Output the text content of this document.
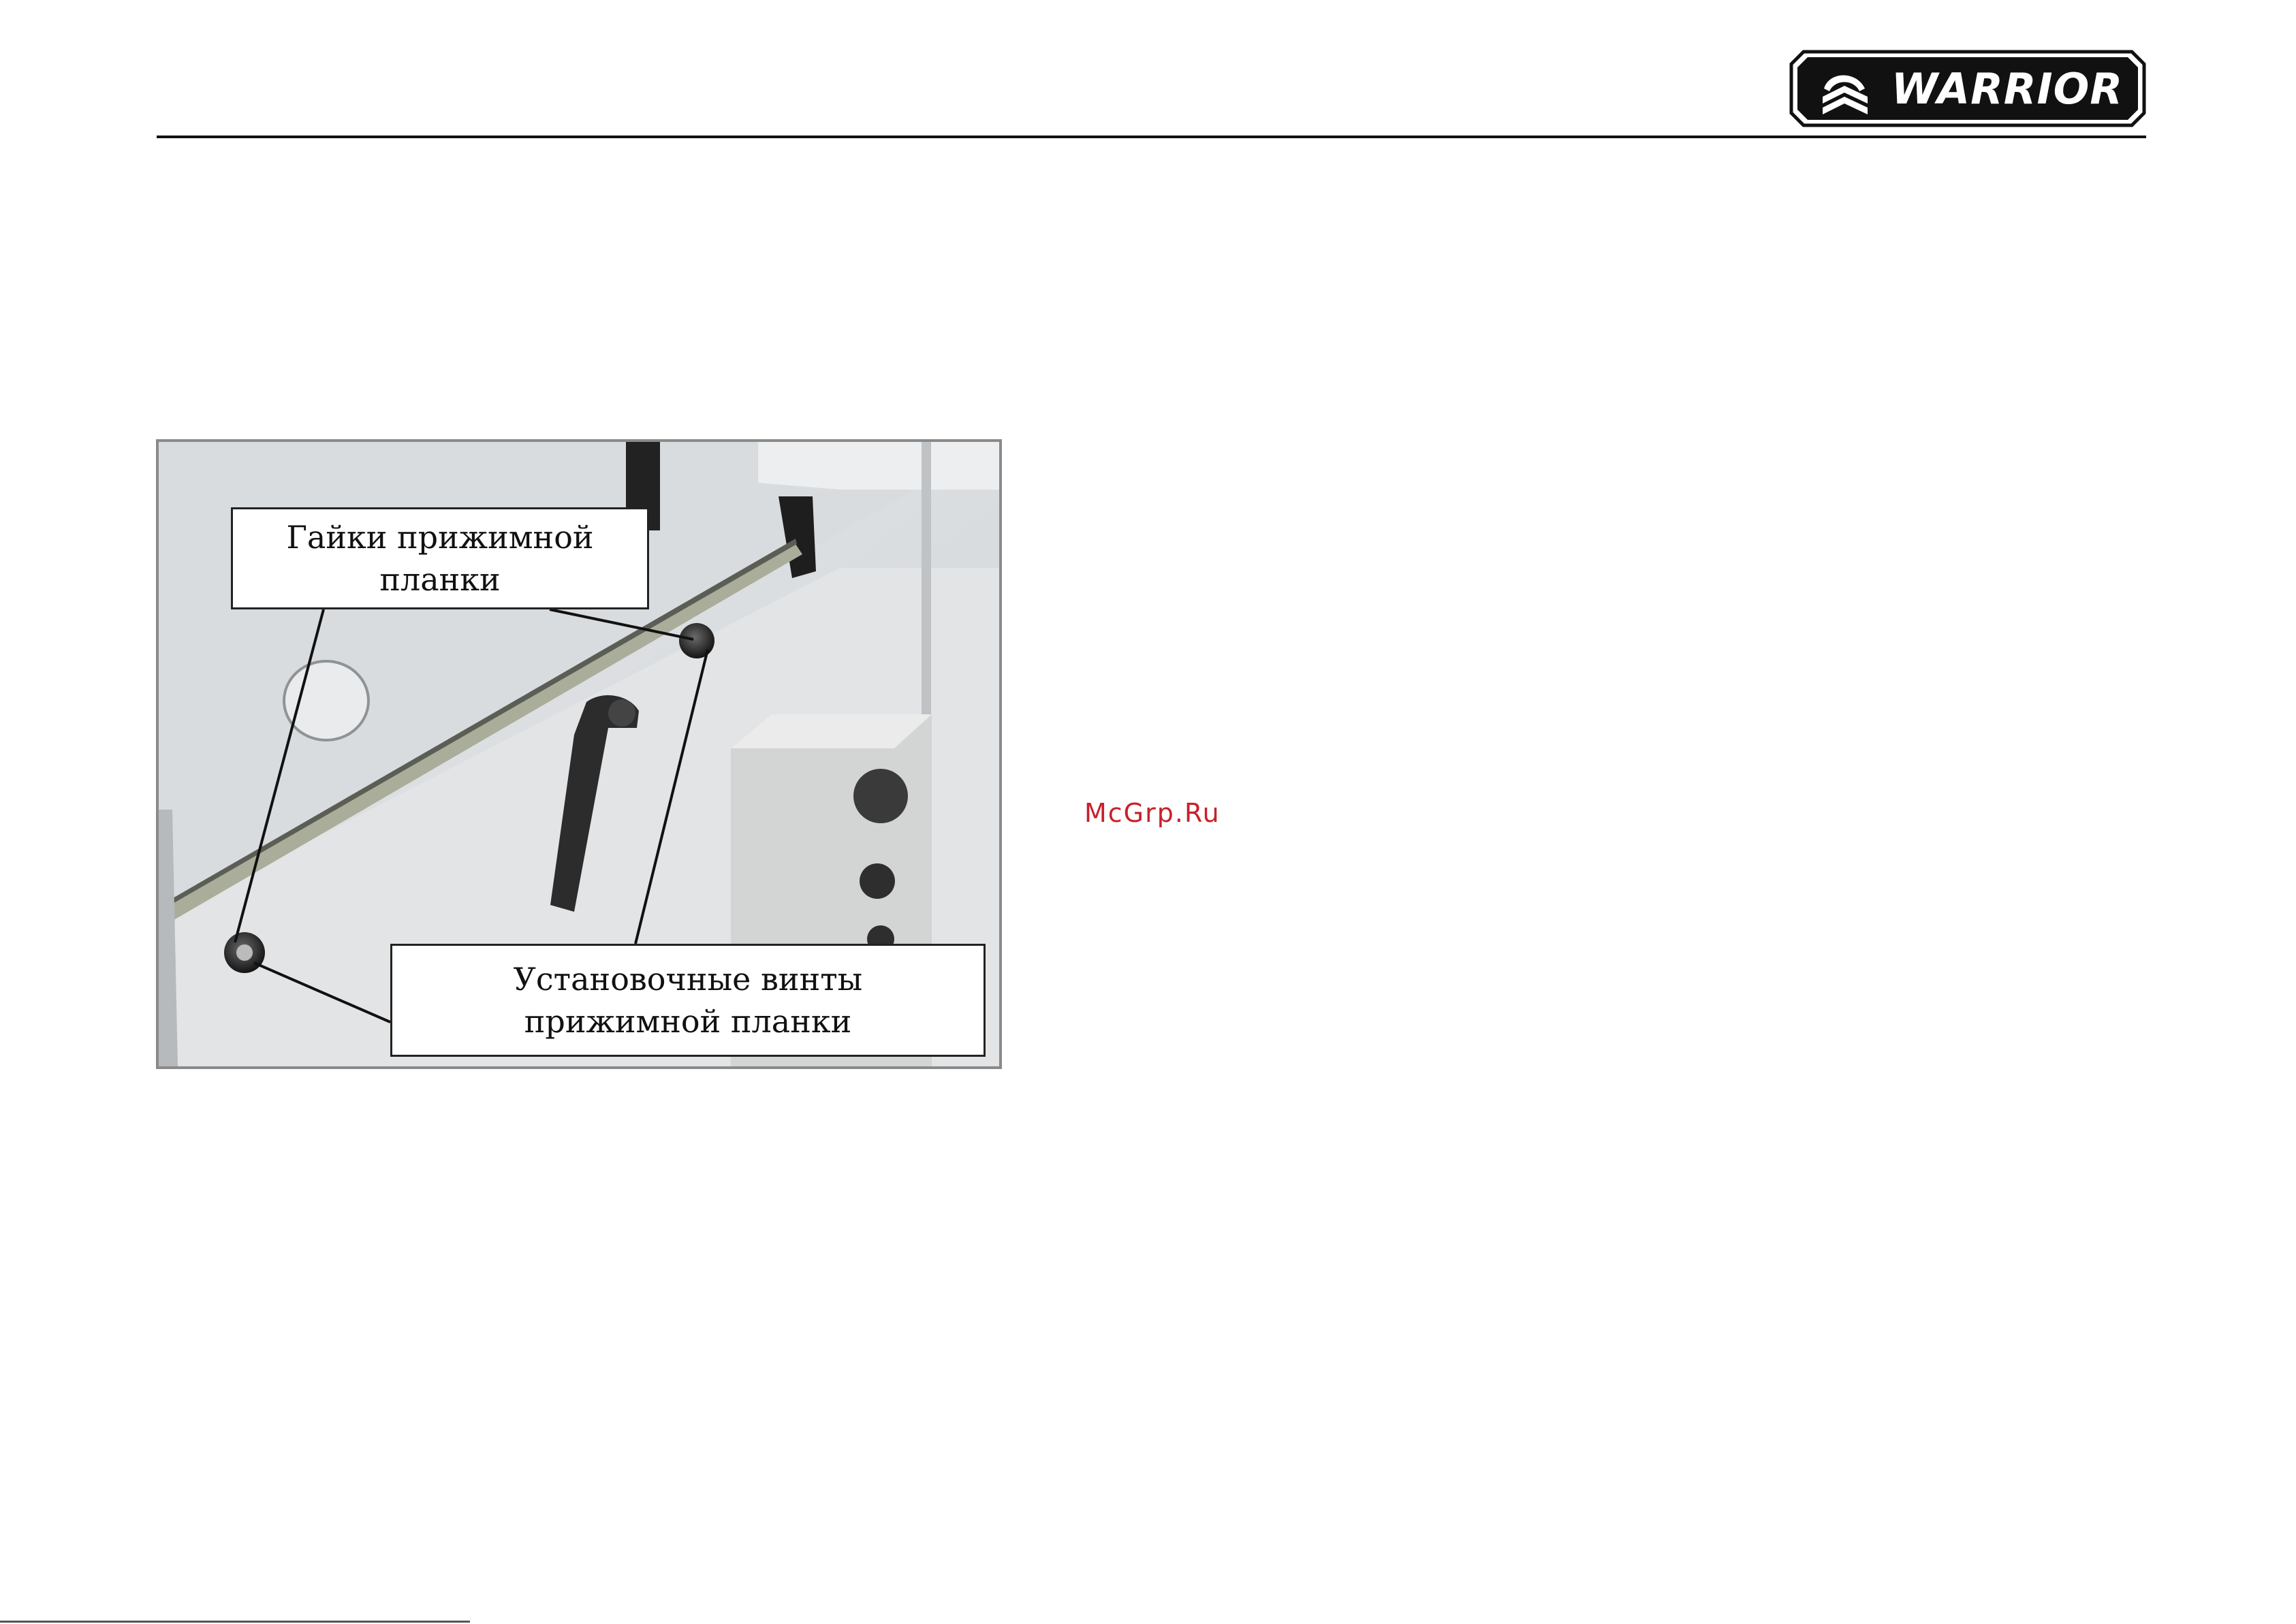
WARRIOR
Гайки прижимной
планки
Установочные винты
прижимной планки
McGrp.Ru
